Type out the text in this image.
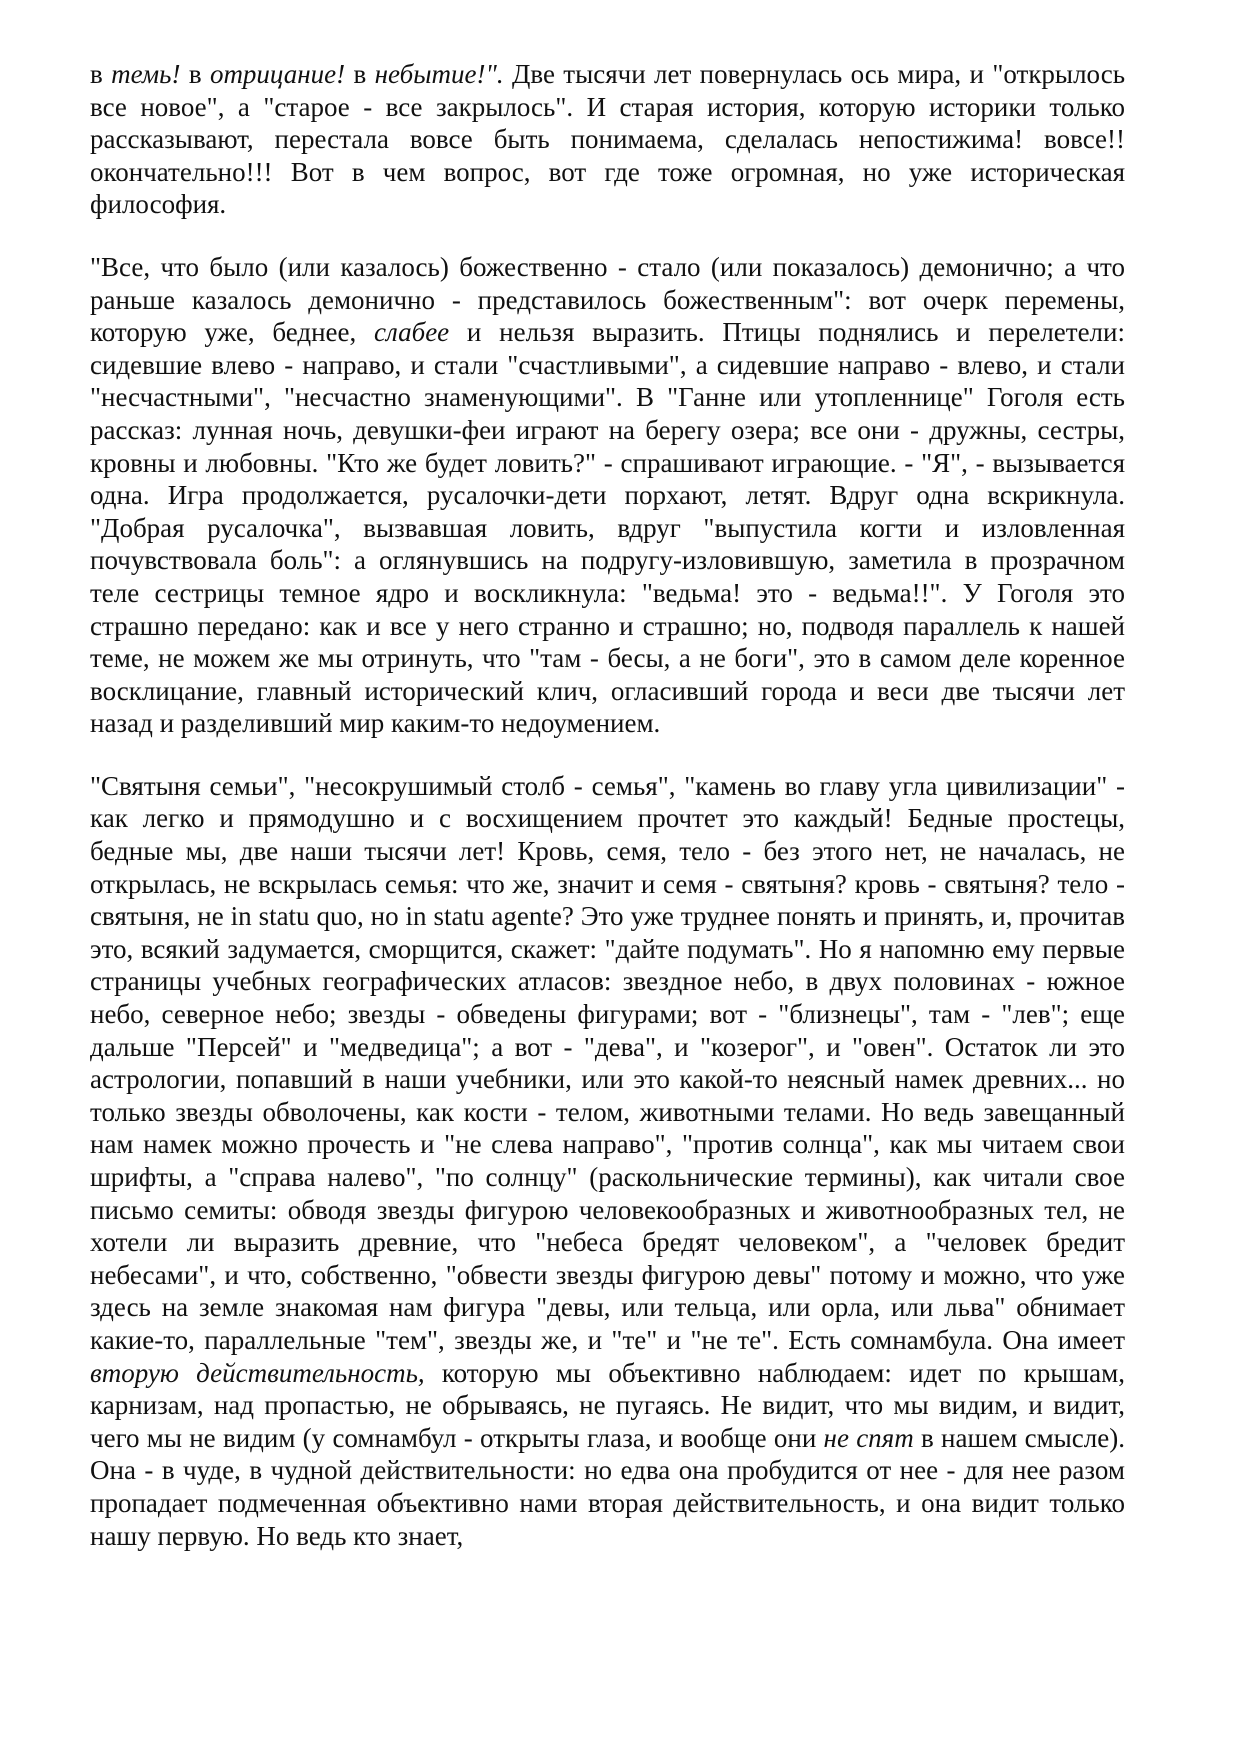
в темь! в отрицание! в небытие!". Две тысячи лет повернулась ось мира, и "открылось все новое", а "старое - все закрылось". И старая история, которую историки только рассказывают, перестала вовсе быть понимаема, сделалась непостижима! вовсе!! окончательно!!! Вот в чем вопрос, вот где тоже огромная, но уже историческая философия.

"Все, что было (или казалось) божественно - стало (или показалось) демонично; а что раньше казалось демонично - представилось божественным": вот очерк перемены, которую уже, беднее, слабее и нельзя выразить. Птицы поднялись и перелетели: сидевшие влево - направо, и стали "счастливыми", а сидевшие направо - влево, и стали "несчастными", "несчастно знаменующими". В "Ганне или утопленнице" Гоголя есть рассказ: лунная ночь, девушки-феи играют на берегу озера; все они - дружны, сестры, кровны и любовны. "Кто же будет ловить?" - спрашивают играющие. - "Я", - вызывается одна. Игра продолжается, русалочки-дети порхают, летят. Вдруг одна вскрикнула. "Добрая русалочка", вызвавшая ловить, вдруг "выпустила когти и изловленная почувствовала боль": а оглянувшись на подругу-изловившую, заметила в прозрачном теле сестрицы темное ядро и воскликнула: "ведьма! это - ведьма!!". У Гоголя это страшно передано: как и все у него странно и страшно; но, подводя параллель к нашей теме, не можем же мы отринуть, что "там - бесы, а не боги", это в самом деле коренное восклицание, главный исторический клич, огласивший города и веси две тысячи лет назад и разделивший мир каким-то недоумением.

"Святыня семьи", "несокрушимый столб - семья", "камень во главу угла цивилизации" - как легко и прямодушно и с восхищением прочтет это каждый! Бедные простецы, бедные мы, две наши тысячи лет! Кровь, семя, тело - без этого нет, не началась, не открылась, не вскрылась семья: что же, значит и семя - святыня? кровь - святыня? тело - святыня, не in statu quo, но in statu agente? Это уже труднее понять и принять, и, прочитав это, всякий задумается, сморщится, скажет: "дайте подумать". Но я напомню ему первые страницы учебных географических атласов: звездное небо, в двух половинах - южное небо, северное небо; звезды - обведены фигурами; вот - "близнецы", там - "лев"; еще дальше "Персей" и "медведица"; а вот - "дева", и "козерог", и "овен". Остаток ли это астрологии, попавший в наши учебники, или это какой-то неясный намек древних... но только звезды обволочены, как кости - телом, животными телами. Но ведь завещанный нам намек можно прочесть и "не слева направо", "против солнца", как мы читаем свои шрифты, а "справа налево", "по солнцу" (раскольнические термины), как читали свое письмо семиты: обводя звезды фигурою человекообразных и животнообразных тел, не хотели ли выразить древние, что "небеса бредят человеком", а "человек бредит небесами", и что, собственно, "обвести звезды фигурою девы" потому и можно, что уже здесь на земле знакомая нам фигура "девы, или тельца, или орла, или льва" обнимает какие-то, параллельные "тем", звезды же, и "те" и "не те". Есть сомнамбула. Она имеет вторую действительность, которую мы объективно наблюдаем: идет по крышам, карнизам, над пропастью, не обрываясь, не пугаясь. Не видит, что мы видим, и видит, чего мы не видим (у сомнамбул - открыты глаза, и вообще они не спят в нашем смысле). Она - в чуде, в чудной действительности: но едва она пробудится от нее - для нее разом пропадает подмеченная объективно нами вторая действительность, и она видит только нашу первую. Но ведь кто знает,
